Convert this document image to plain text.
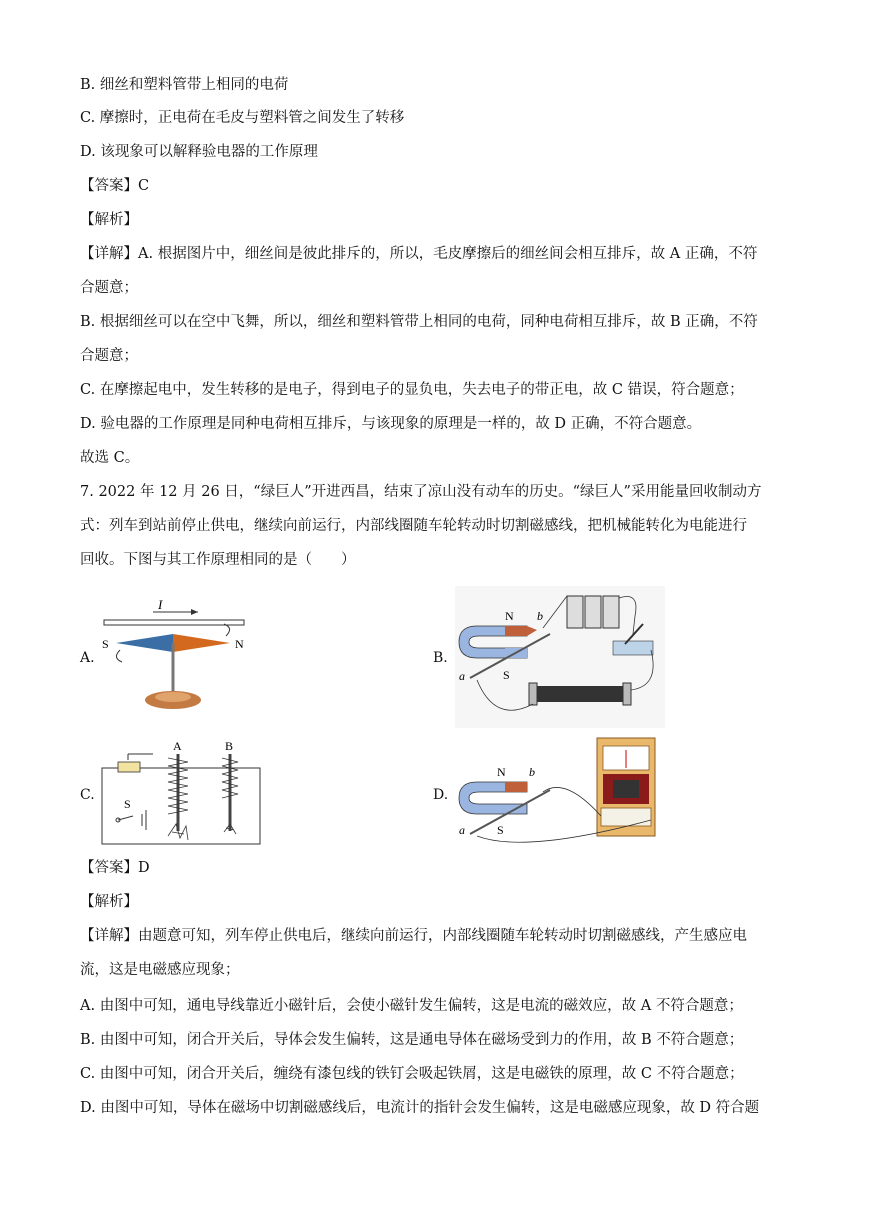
B. 细丝和塑料管带上相同的电荷
C. 摩擦时，正电荷在毛皮与塑料管之间发生了转移
D. 该现象可以解释验电器的工作原理
【答案】C
【解析】
【详解】A. 根据图片中，细丝间是彼此排斥的，所以，毛皮摩擦后的细丝间会相互排斥，故 A 正确，不符
合题意；
B. 根据细丝可以在空中飞舞，所以，细丝和塑料管带上相同的电荷，同种电荷相互排斥，故 B 正确，不符
合题意；
C. 在摩擦起电中，发生转移的是电子，得到电子的显负电，失去电子的带正电，故 C 错误，符合题意；
D. 验电器的工作原理是同种电荷相互排斥，与该现象的原理是一样的，故 D 正确，不符合题意。
故选 C。
7. 2022 年 12 月 26 日，“绿巨人”开进西昌，结束了凉山没有动车的历史。“绿巨人”采用能量回收制动方
式：列车到站前停止供电，继续向前运行，内部线圈随车轮转动时切割磁感线，把机械能转化为电能进行
回收。下图与其工作原理相同的是（　　）
A.
I
S	N
B.
N
S
a
b
C.
S
A	B
D.
N
S
a
b
【答案】D
【解析】
【详解】由题意可知，列车停止供电后，继续向前运行，内部线圈随车轮转动时切割磁感线，产生感应电
流，这是电磁感应现象；
A. 由图中可知，通电导线靠近小磁针后，会使小磁针发生偏转，这是电流的磁效应，故 A 不符合题意；
B. 由图中可知，闭合开关后，导体会发生偏转，这是通电导体在磁场受到力的作用，故 B 不符合题意；
C. 由图中可知，闭合开关后，缠绕有漆包线的铁钉会吸起铁屑，这是电磁铁的原理，故 C 不符合题意；
D. 由图中可知，导体在磁场中切割磁感线后，电流计的指针会发生偏转，这是电磁感应现象，故 D 符合题
